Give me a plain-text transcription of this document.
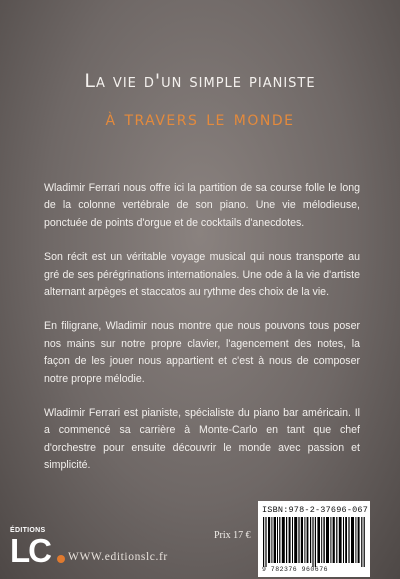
La vie d'un simple pianiste
à travers le monde

Wladimir Ferrari nous offre ici la partition de sa course folle le long de la colonne vertébrale de son piano. Une vie mélodieuse, ponctuée de points d'orgue et de cocktails d'anecdotes.

Son récit est un véritable voyage musical qui nous transporte au gré de ses pérégrinations internationales. Une ode à la vie d'artiste alternant arpèges et staccatos au rythme des choix de la vie.

En filigrane, Wladimir nous montre que nous pouvons tous poser nos mains sur notre propre clavier, l'agencement des notes, la façon de les jouer nous appartient et c'est à nous de composer notre propre mélodie.

Wladimir Ferrari est pianiste, spécialiste du piano bar américain. Il a commencé sa carrière à Monte-Carlo en tant que chef d'orchestre pour ensuite découvrir le monde avec passion et simplicité.

ÉDITIONS
LC WWW.editionslc.fr
Prix 17 €
ISBN:978-2-37696-067
9 782376 960676
